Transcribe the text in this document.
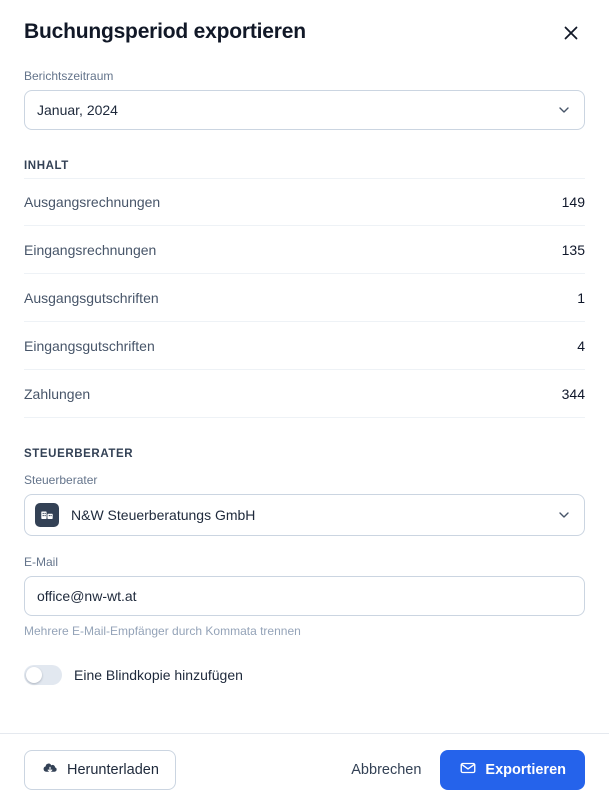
Buchungsperiod exportieren
Berichtszeitraum
Januar, 2024
INHALT
Ausgangsrechnungen	149
Eingangsrechnungen	135
Ausgangsgutschriften	1
Eingangsgutschriften	4
Zahlungen	344
STEUERBERATER
Steuerberater
N&W Steuerberatungs GmbH
E-Mail
office@nw-wt.at
Mehrere E-Mail-Empfänger durch Kommata trennen
Eine Blindkopie hinzufügen
Herunterladen	Abbrechen	Exportieren
